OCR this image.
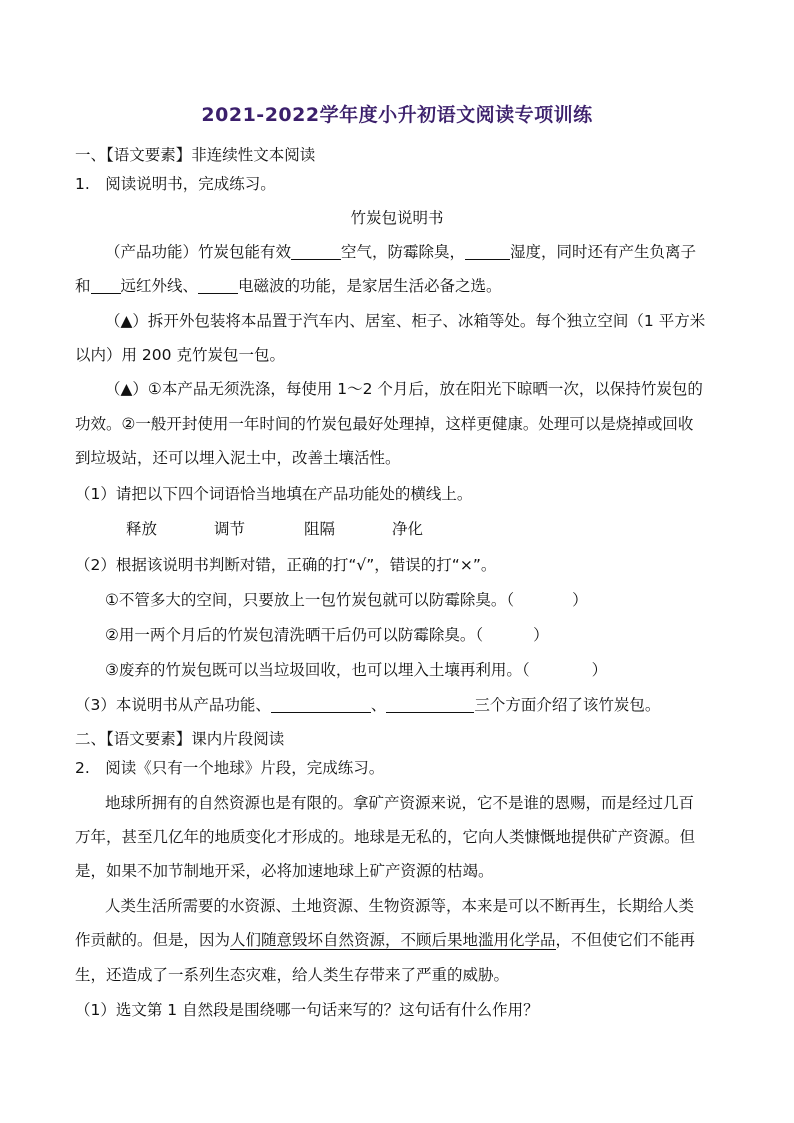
2021-2022学年度小升初语文阅读专项训练
一、【语文要素】非连续性文本阅读
1.　阅读说明书，完成练习。
竹炭包说明书
（产品功能）竹炭包能有效	空气，防霉除臭，	湿度，同时还有产生负离子
和 远红外线、	电磁波的功能，是家居生活必备之选。
（▲）拆开外包装将本品置于汽车内、居室、柜子、冰箱等处。每个独立空间（1 平方米
以内）用 200 克竹炭包一包。
（▲）①本产品无须洗涤，每使用 1～2 个月后，放在阳光下晾晒一次，以保持竹炭包的
功效。②一般开封使用一年时间的竹炭包最好处理掉，这样更健康。处理可以是烧掉或回收
到垃圾站，还可以埋入泥土中，改善土壤活性。
（1）请把以下四个词语恰当地填在产品功能处的横线上。
释放	调节	阻隔	净化
（2）根据该说明书判断对错，正确的打“√”，错误的打“×”。
①不管多大的空间，只要放上一包竹炭包就可以防霉除臭。（	）
②用一两个月后的竹炭包清洗晒干后仍可以防霉除臭。（	）
③废弃的竹炭包既可以当垃圾回收，也可以埋入土壤再利用。（	）
（3）本说明书从产品功能、	、	三个方面介绍了该竹炭包。
二、【语文要素】课内片段阅读
2.　阅读《只有一个地球》片段，完成练习。
地球所拥有的自然资源也是有限的。拿矿产资源来说，它不是谁的恩赐，而是经过几百
万年，甚至几亿年的地质变化才形成的。地球是无私的，它向人类慷慨地提供矿产资源。但
是，如果不加节制地开采，必将加速地球上矿产资源的枯竭。
人类生活所需要的水资源、土地资源、生物资源等，本来是可以不断再生，长期给人类
作贡献的。但是，因为人们随意毁坏自然资源，不顾后果地滥用化学品，不但使它们不能再
生，还造成了一系列生态灾难，给人类生存带来了严重的威胁。
（1）选文第 1 自然段是围绕哪一句话来写的？这句话有什么作用？
